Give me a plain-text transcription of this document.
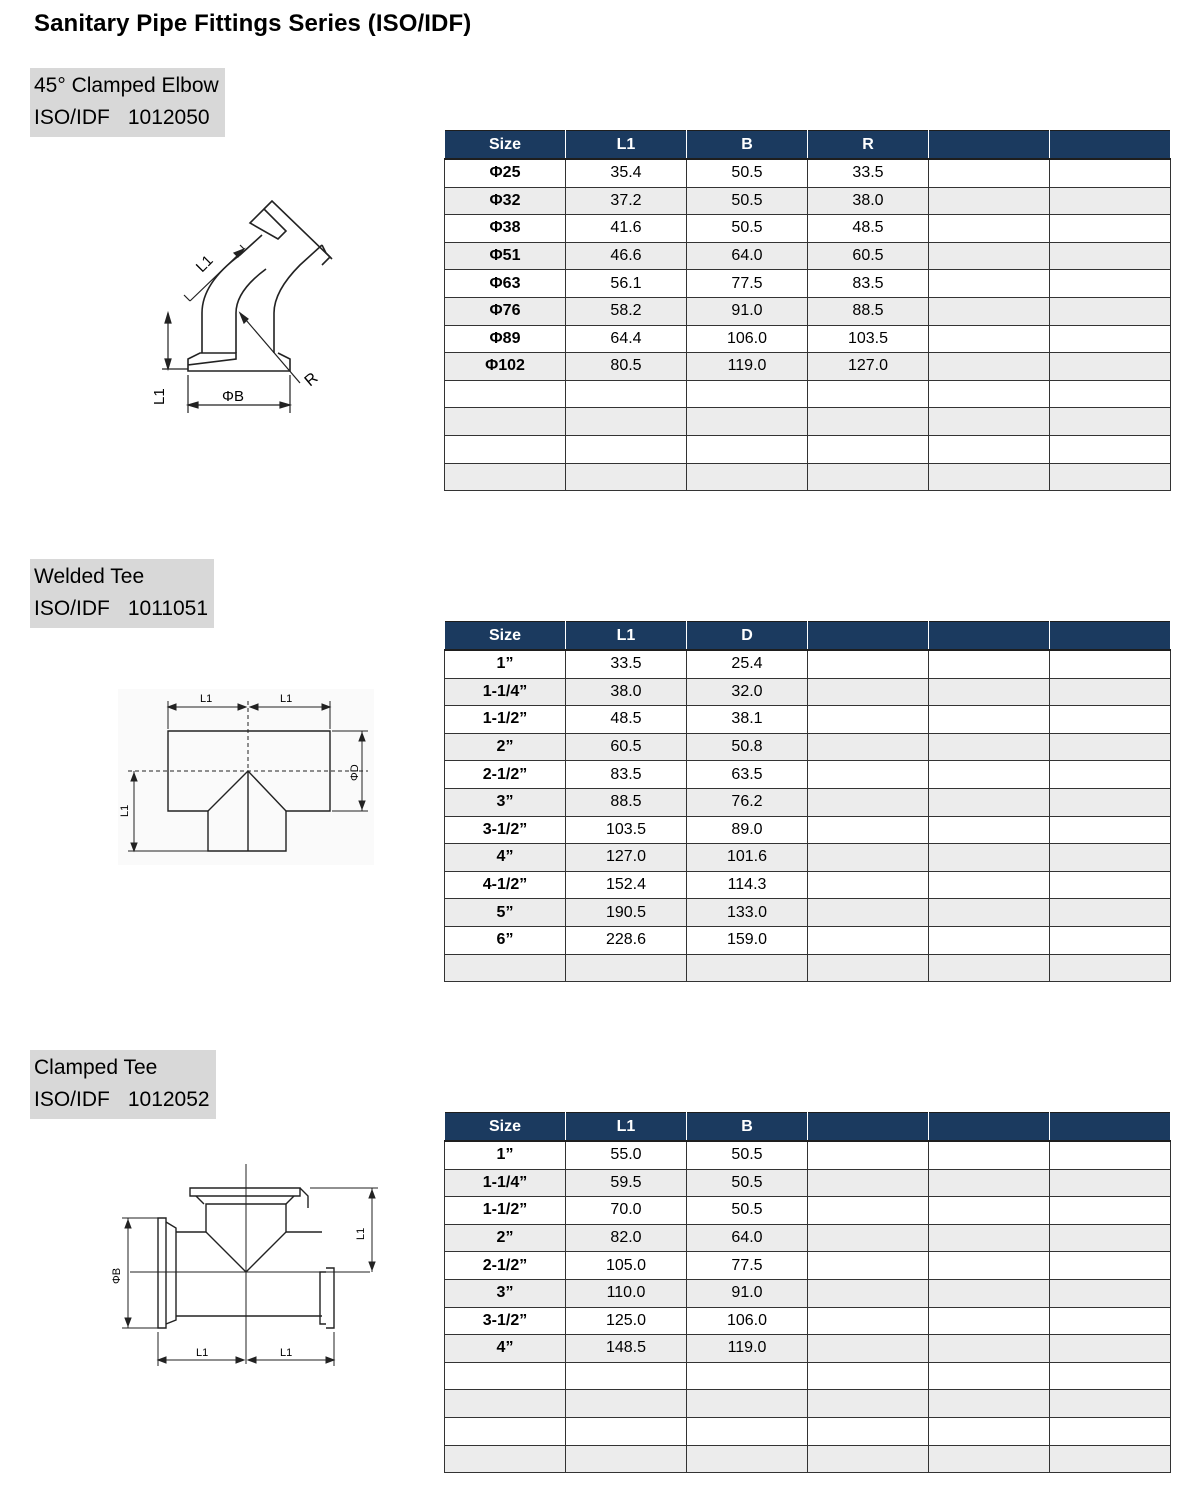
Sanitary Pipe Fittings Series (ISO/IDF)
45° Clamped Elbow
ISO/IDF 1012050
L1
L1
R
ΦB
Size	L1	B	R		
Φ25	35.4	50.5	33.5		
Φ32	37.2	50.5	38.0		
Φ38	41.6	50.5	48.5		
Φ51	46.6	64.0	60.5		
Φ63	56.1	77.5	83.5		
Φ76	58.2	91.0	88.5		
Φ89	64.4	106.0	103.5		
Φ102	80.5	119.0	127.0		

Welded Tee
ISO/IDF 1011051
L1	L1
L1
ΦD
Size	L1	D			
1”	33.5	25.4			
1-1/4”	38.0	32.0			
1-1/2”	48.5	38.1			
2”	60.5	50.8			
2-1/2”	83.5	63.5			
3”	88.5	76.2			
3-1/2”	103.5	89.0			
4”	127.0	101.6			
4-1/2”	152.4	114.3			
5”	190.5	133.0			
6”	228.6	159.0			

Clamped Tee
ISO/IDF 1012052
L1	L1
L1
ΦB
Size	L1	B			
1”	55.0	50.5			
1-1/4”	59.5	50.5			
1-1/2”	70.0	50.5			
2”	82.0	64.0			
2-1/2”	105.0	77.5			
3”	110.0	91.0			
3-1/2”	125.0	106.0			
4”	148.5	119.0			
